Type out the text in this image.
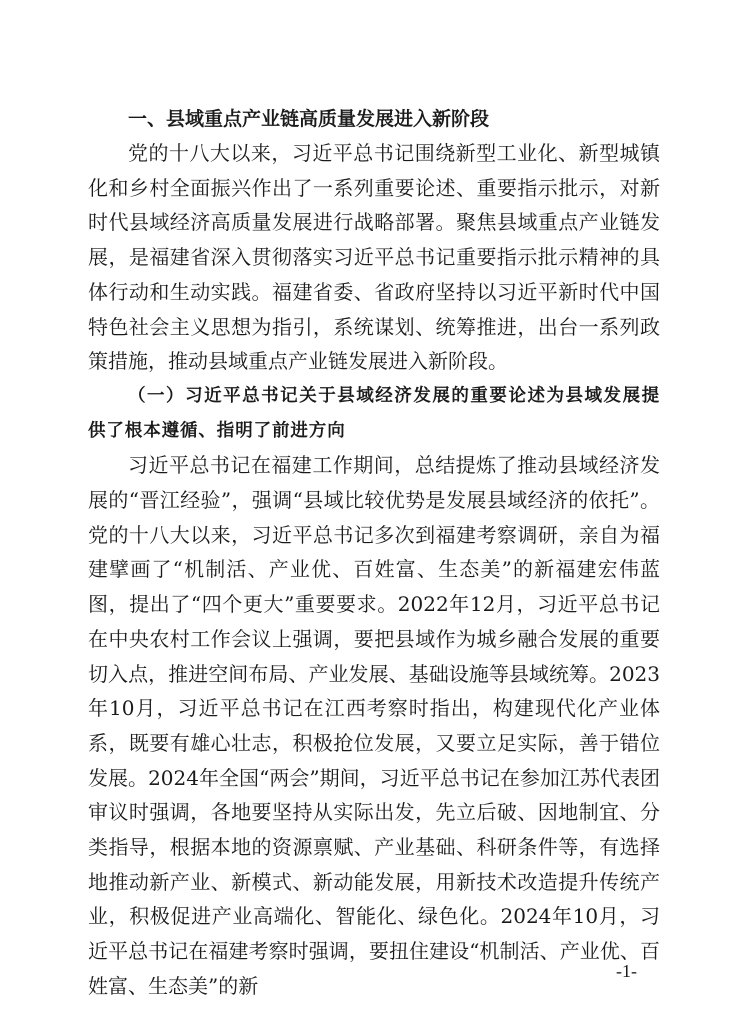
一、县域重点产业链高质量发展进入新阶段

党的十八大以来，习近平总书记围绕新型工业化、新型城镇化和乡村全面振兴作出了一系列重要论述、重要指示批示，对新时代县域经济高质量发展进行战略部署。聚焦县域重点产业链发展，是福建省深入贯彻落实习近平总书记重要指示批示精神的具体行动和生动实践。福建省委、省政府坚持以习近平新时代中国特色社会主义思想为指引，系统谋划、统筹推进，出台一系列政策措施，推动县域重点产业链发展进入新阶段。

（一）习近平总书记关于县域经济发展的重要论述为县域发展提供了根本遵循、指明了前进方向

习近平总书记在福建工作期间，总结提炼了推动县域经济发展的“晋江经验”，强调“县域比较优势是发展县域经济的依托”。党的十八大以来，习近平总书记多次到福建考察调研，亲自为福建擘画了“机制活、产业优、百姓富、生态美”的新福建宏伟蓝图，提出了“四个更大”重要要求。2022年12月，习近平总书记在中央农村工作会议上强调，要把县域作为城乡融合发展的重要切入点，推进空间布局、产业发展、基础设施等县域统筹。2023年10月，习近平总书记在江西考察时指出，构建现代化产业体系，既要有雄心壮志，积极抢位发展，又要立足实际，善于错位发展。2024年全国“两会”期间，习近平总书记在参加江苏代表团审议时强调，各地要坚持从实际出发，先立后破、因地制宜、分类指导，根据本地的资源禀赋、产业基础、科研条件等，有选择地推动新产业、新模式、新动能发展，用新技术改造提升传统产业，积极促进产业高端化、智能化、绿色化。2024年10月，习近平总书记在福建考察时强调，要扭住建设“机制活、产业优、百姓富、生态美”的新

-1-
